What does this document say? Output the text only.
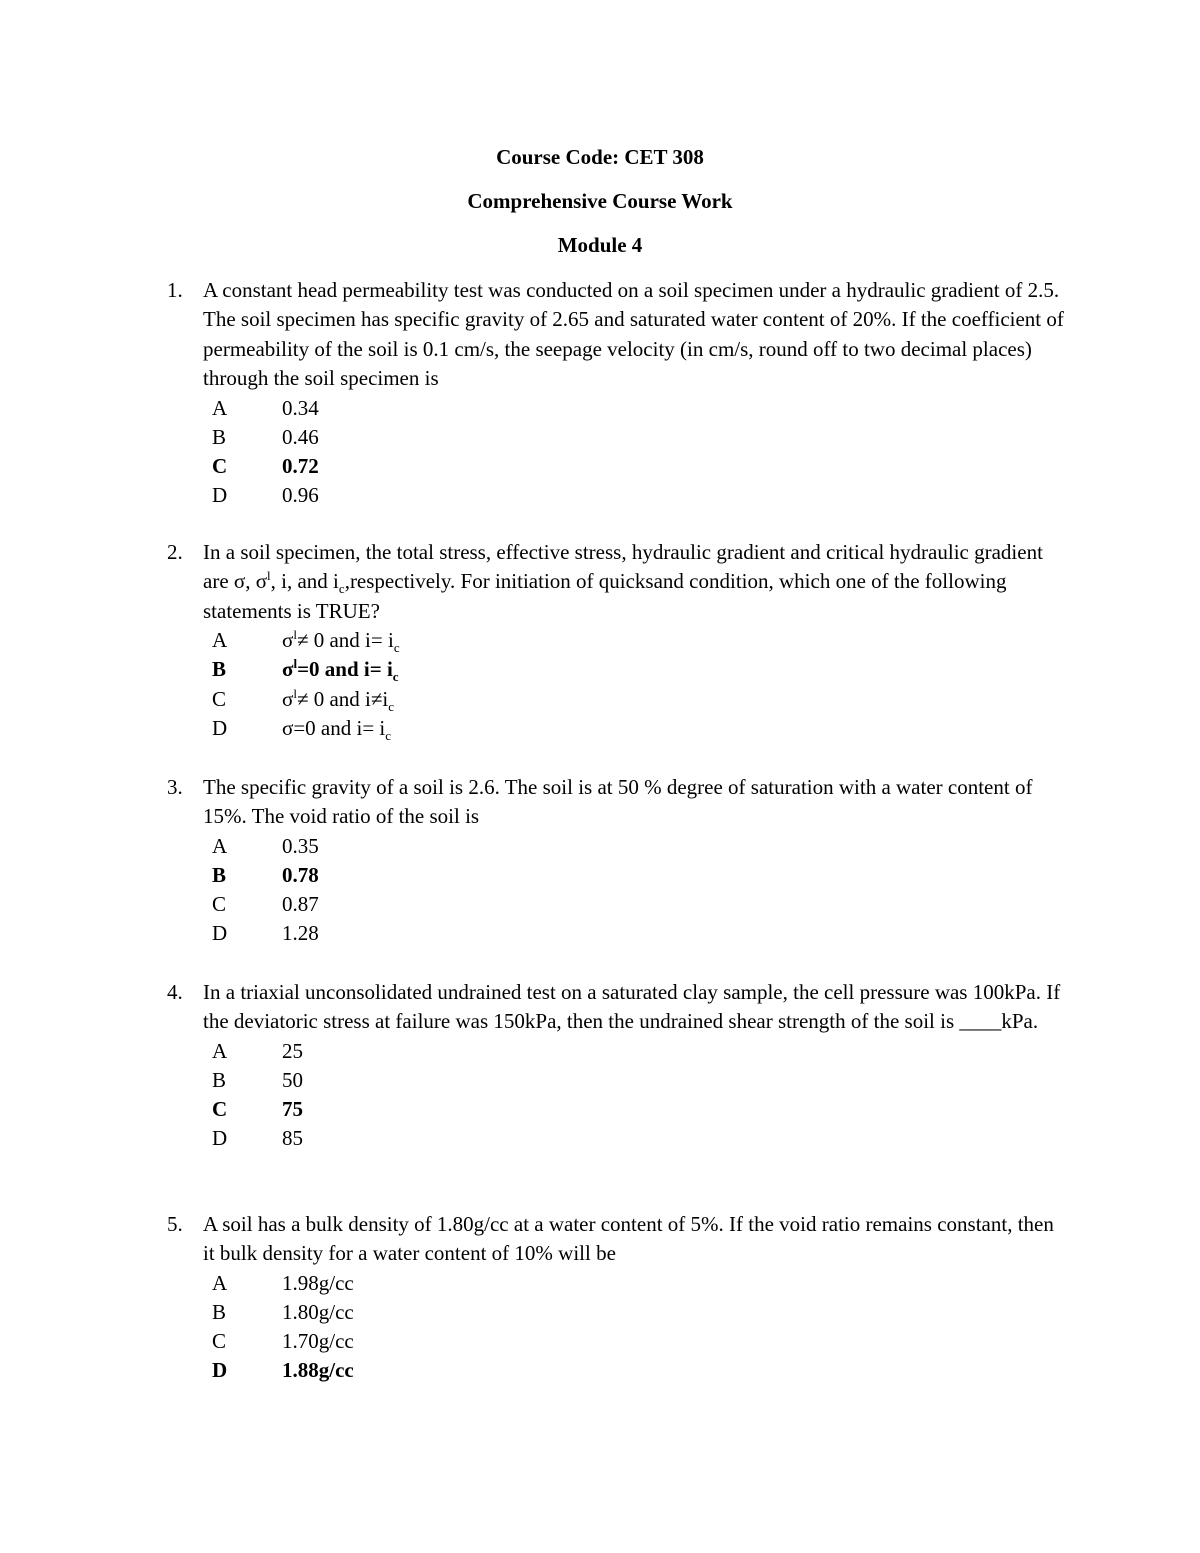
Course Code: CET 308
Comprehensive Course Work
Module 4
1. A constant head permeability test was conducted on a soil specimen under a hydraulic gradient of 2.5. The soil specimen has specific gravity of 2.65 and saturated water content of 20%. If the coefficient of permeability of the soil is 0.1 cm/s, the seepage velocity (in cm/s, round off to two decimal places) through the soil specimen is
A	0.34
B	0.46
C	0.72
D	0.96
2. In a soil specimen, the total stress, effective stress, hydraulic gradient and critical hydraulic gradient are σ, $\sigma^l$, i, and $i_c,respectively$. For initiation of quicksand condition, which one of the following statements is TRUE?
A	$\sigma^l\ne 0$ and $i= i_c$
B	$\sigma^l=0$ and $i= i_c$
C	$\sigma^l\ne 0$ and $i\ne i_c$
D	σ=0 and $i= i_c$
3. The specific gravity of a soil is 2.6. The soil is at 50 % degree of saturation with a water content of 15%. The void ratio of the soil is
A	0.35
B	0.78
C	0.87
D	1.28
4. In a triaxial unconsolidated undrained test on a saturated clay sample, the cell pressure was 100kPa. If the deviatoric stress at failure was 150kPa, then the undrained shear strength of the soil is ____kPa.
A	25
B	50
C	75
D	85
5. A soil has a bulk density of 1.80g/cc at a water content of 5%. If the void ratio remains constant, then it bulk density for a water content of 10% will be
A	1.98g/cc
B	1.80g/cc
C	1.70g/cc
D	1.88g/cc
